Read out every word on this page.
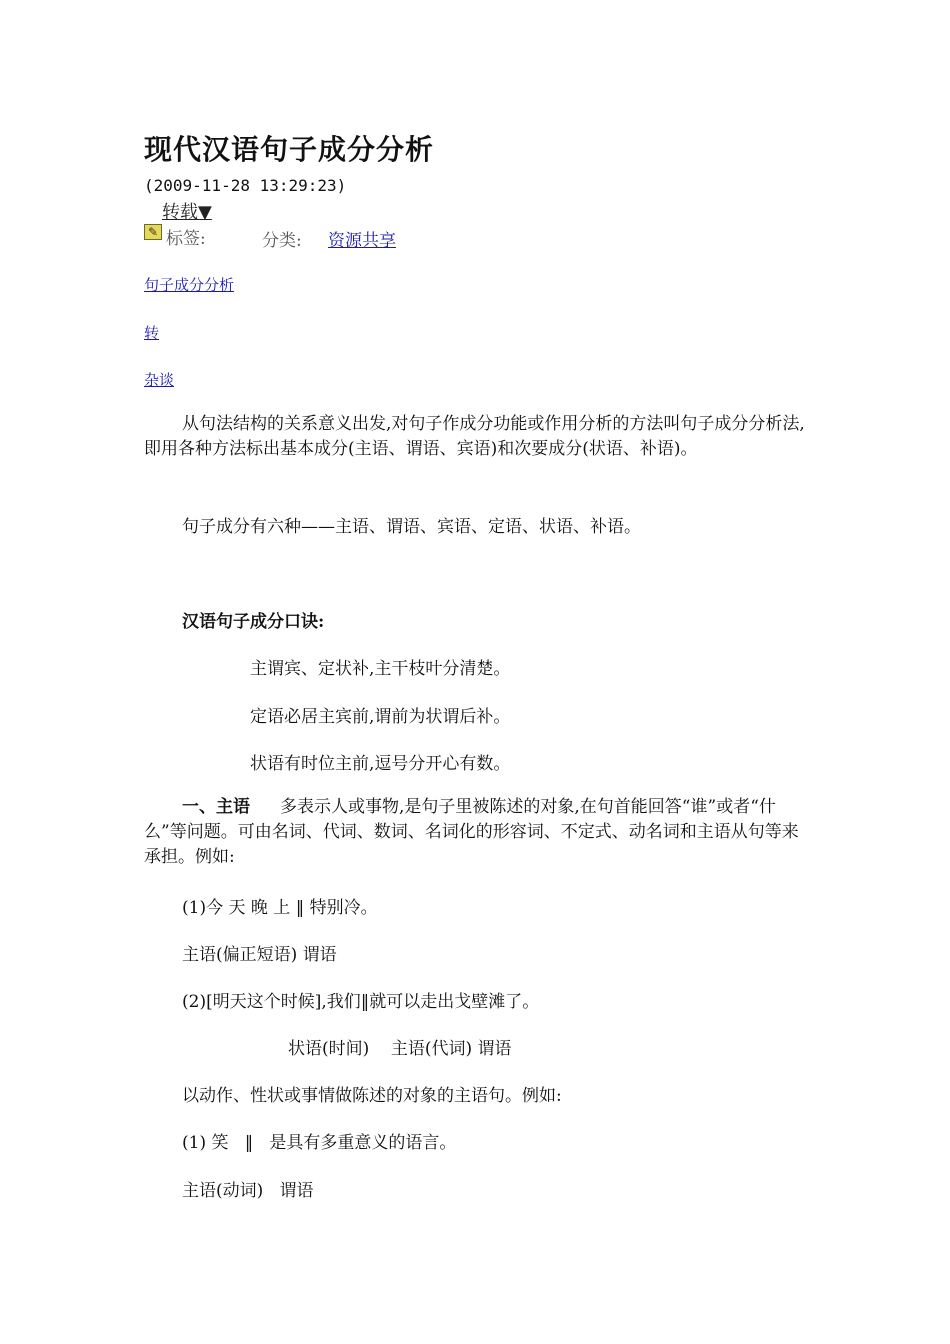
现代汉语句子成分分析
(2009-11-28 13:29:23)
转载▼
✎ 标签:	分类: 资源共享
句子成分分析
转
杂谈
从句法结构的关系意义出发,对句子作成分功能或作用分析的方法叫句子成分分析法,即用各种方法标出基本成分(主语、谓语、宾语)和次要成分(状语、补语)。
句子成分有六种——主语、谓语、宾语、定语、状语、补语。
汉语句子成分口诀:
主谓宾、定状补,主干枝叶分清楚。
定语必居主宾前,谓前为状谓后补。
状语有时位主前,逗号分开心有数。
一、主语 多表示人或事物,是句子里被陈述的对象,在句首能回答“谁”或者“什么”等问题。可由名词、代词、数词、名词化的形容词、不定式、动名词和主语从句等来承担。例如:
(1)今 天 晚 上 ‖ 特别冷。
主语(偏正短语) 谓语
(2)[明天这个时候],我们‖就可以走出戈壁滩了。
状语(时间)    主语(代词) 谓语
以动作、性状或事情做陈述的对象的主语句。例如:
(1) 笑   ‖   是具有多重意义的语言。
主语(动词)   谓语
